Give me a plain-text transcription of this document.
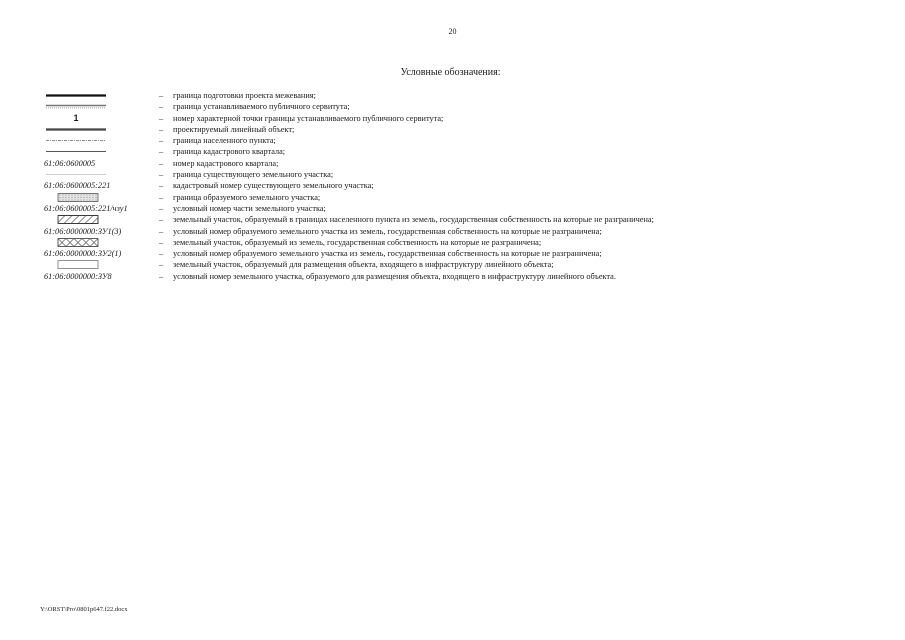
20
Условные обозначения:
– граница подготовки проекта межевания;
– граница устанавливаемого публичного сервитута;
1	– номер характерной точки границы устанавливаемого публичного сервитута;
– проектируемый линейный объект;
– граница населенного пункта;
– граница кадастрового квартала;
61:06:0600005	– номер кадастрового квартала;
– граница существующего земельного участка;
61:06:0600005:221	– кадастровый номер существующего земельного участка;
– граница образуемого земельного участка;
61:06:0600005:221/чзу1	– условный номер части земельного участка;
– земельный участок, образуемый в границах населенного пункта из земель, государственная собственность на которые не разграничена;
61:06:0000000:ЗУ1(3)	– условный номер образуемого земельного участка из земель, государственная собственность на которые не разграничена;
– земельный участок, образуемый из земель, государственная собственность на которые не разграничена;
61:06:0000000:ЗУ2(1)	– условный номер образуемого земельного участка из земель, государственная собственность на которые не разграничена;
– земельный участок, образуемый для размещения объекта, входящего в инфраструктуру линейного объекта;
61:06:0000000:ЗУ8	– условный номер земельного участка, образуемого для размещения объекта, входящего в инфраструктуру линейного объекта.
Y:\ORST\Pro\0801p647.f22.docx
